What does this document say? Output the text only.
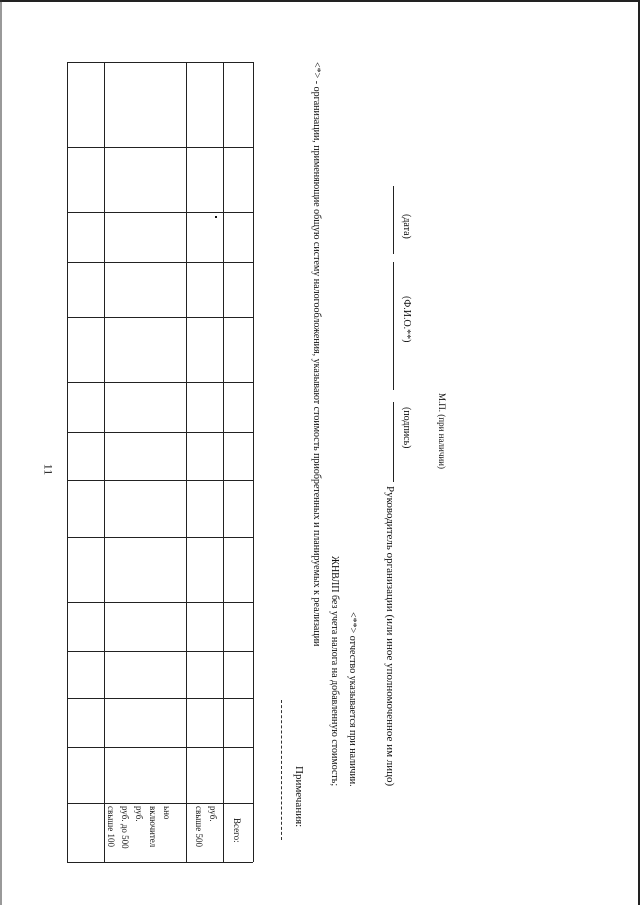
11
свыше 100 руб. до 500 руб. включител ьно свыше 500 руб.
Всего:
Примечания:
<*> - организации, применяющие общую систему налогообложения, указывают стоимость приобретенных и планируемых к реализации
ЖНВЛП без учета налога на добавленную стоимость; <**> отчество указывается при наличии. Руководитель организации (или иное уполномоченное им лицо)
(подпись)
(Ф.И.О.**)
(дата)
М.П. (при наличии)
